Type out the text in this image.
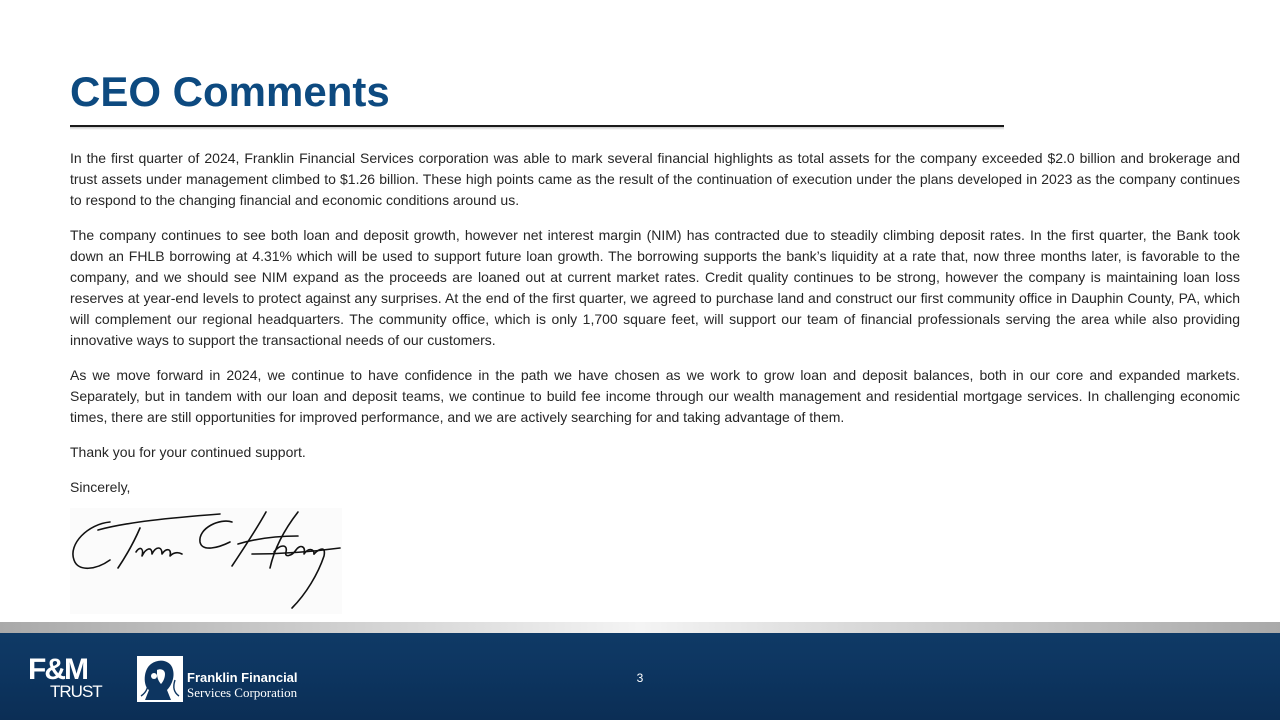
CEO Comments

In the first quarter of 2024, Franklin Financial Services corporation was able to mark several financial highlights as total assets for the company exceeded $2.0 billion and brokerage and trust assets under management climbed to $1.26 billion. These high points came as the result of the continuation of execution under the plans developed in 2023 as the company continues to respond to the changing financial and economic conditions around us.

The company continues to see both loan and deposit growth, however net interest margin (NIM) has contracted due to steadily climbing deposit rates. In the first quarter, the Bank took down an FHLB borrowing at 4.31% which will be used to support future loan growth. The borrowing supports the bank’s liquidity at a rate that, now three months later, is favorable to the company, and we should see NIM expand as the proceeds are loaned out at current market rates. Credit quality continues to be strong, however the company is maintaining loan loss reserves at year-end levels to protect against any surprises. At the end of the first quarter, we agreed to purchase land and construct our first community office in Dauphin County, PA, which will complement our regional headquarters. The community office, which is only 1,700 square feet, will support our team of financial professionals serving the area while also providing innovative ways to support the transactional needs of our customers.

As we move forward in 2024, we continue to have confidence in the path we have chosen as we work to grow loan and deposit balances, both in our core and expanded markets. Separately, but in tandem with our loan and deposit teams, we continue to build fee income through our wealth management and residential mortgage services. In challenging economic times, there are still opportunities for improved performance, and we are actively searching for and taking advantage of them.

Thank you for your continued support.

Sincerely,

F&M
TRUST
Franklin Financial
Services Corporation
3
